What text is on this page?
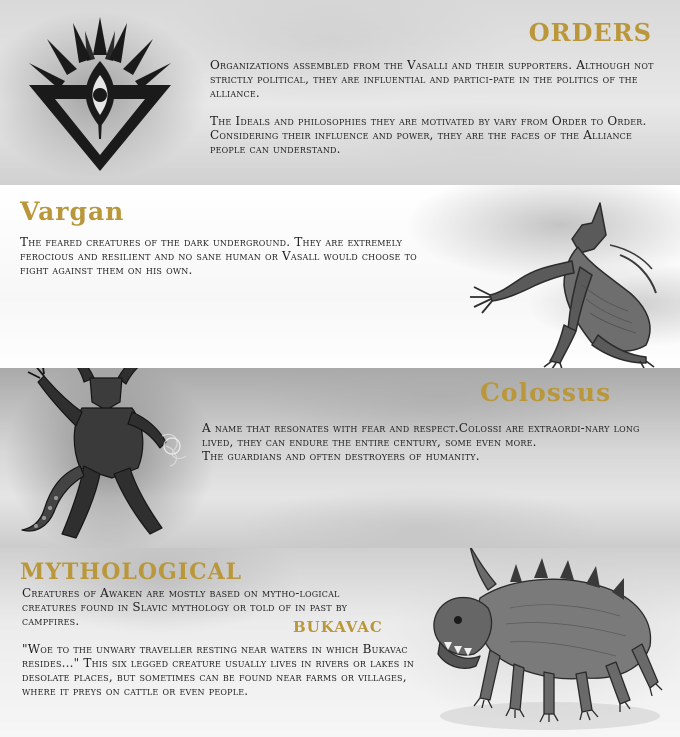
ORDERS

Organizations assembled from the Vasalli and their supporters. Although not strictly political, they are influential and partici-pate in the politics of the alliance.

The Ideals and philosophies they are motivated by vary from Order to Order. Considering their influence and power, they are the faces of the Alliance people can understand.

Vargan

The feared creatures of the dark underground. They are extremely ferocious and resilient and no sane human or Vasall would choose to fight against them on his own.

Colossus

A name that resonates with fear and respect.Colossi are extraordi-nary long lived, they can endure the entire century, some even more.

The guardians and often destroyers of humanity.

MYTHOLOGICAL

Creatures of Awaken are mostly based on mytho-logical creatures found in Slavic mythology or told of in past by campfires.	BUKAVAC

"Woe to the unwary traveller resting near waters in which Bukavac resides..." This six legged creature usually lives in rivers or lakes in desolate places, but sometimes can be found near farms or villages, where it preys on cattle or even people.
